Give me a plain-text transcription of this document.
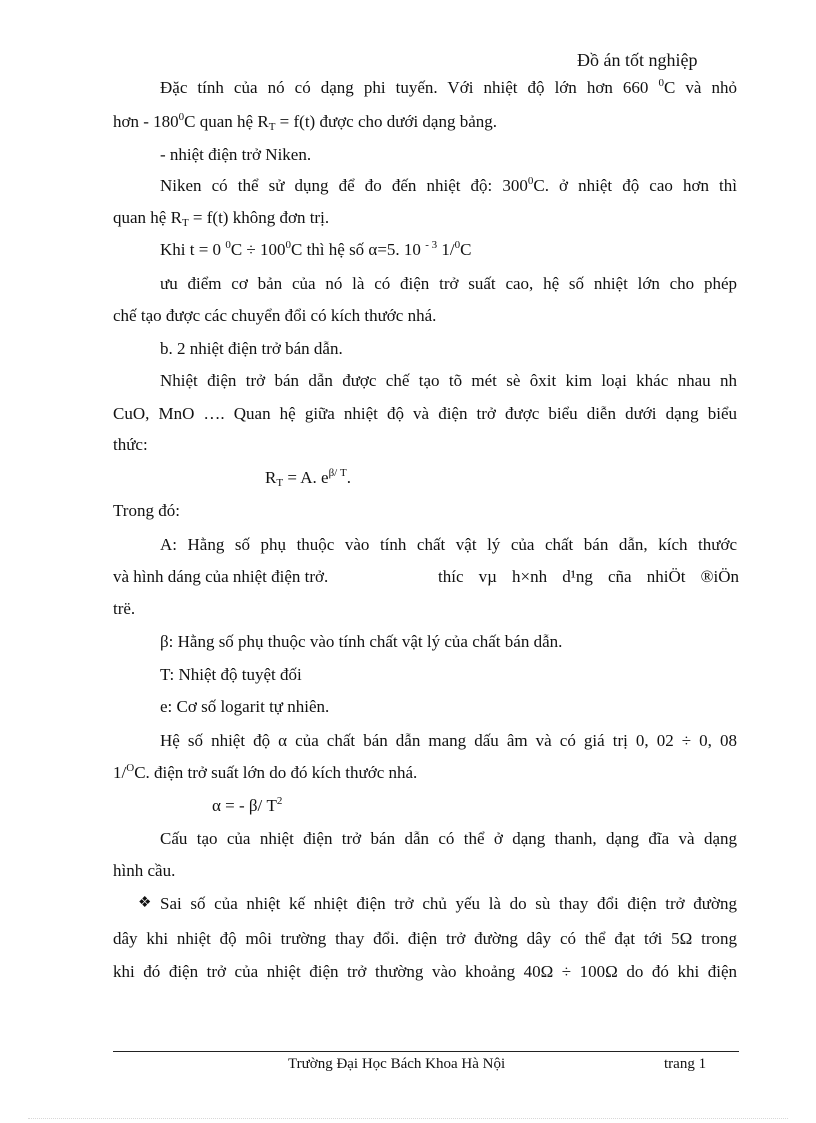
Đồ án tốt nghiệp
Đặc tính của nó có dạng phi tuyến. Với nhiệt độ lớn hơn 660 $^0$C và nhỏ
hơn - $180^0C$ quan hệ $R_T = f(t)$ được cho dưới dạng bảng.
- nhiệt điện trở Niken.
Niken có thể sử dụng để đo đến nhiệt độ: $300^0C$. ở nhiệt độ cao hơn thì
quan hệ $R_T = f(t)$ không đơn trị.
Khi t = 0 $^0C \div 100^0C$ thì hệ số α=5. 10 $^{- 3}$ 1/$^0$C
ưu điểm cơ bản của nó là có điện trở suất cao, hệ số nhiệt lớn cho phép
chế tạo được các chuyển đổi có kích thước nhá.
b. 2 nhiệt điện trở bán dẫn.
Nhiệt điện trở bán dẫn được chế tạo tõ mét sè ôxit kim loại khác nhau nh
CuO, MnO …. Quan hệ giữa nhiệt độ và điện trở được biểu diễn dưới dạng biểu
thức:
$R_T = A$. $e^{\beta/ T}$.
Trong đó:
A: Hằng số phụ thuộc vào tính chất vật lý của chất bán dẫn, kích thước
và hình dáng của nhiệt điện trở.	thíc vµ h×nh d¹ng cña nhiÖt ®iÖn
trë.
β: Hằng số phụ thuộc vào tính chất vật lý của chất bán dẫn.
T: Nhiệt độ tuyệt đối
e: Cơ số logarit tự nhiên.
Hệ số nhiệt độ α của chất bán dẫn mang dấu âm và có giá trị 0, 02 ÷ 0, 08
1/$^O$C. điện trở suất lớn do đó kích thước nhá.
α = - β/ $T^2$
Cấu tạo của nhiệt điện trở bán dẫn có thể ở dạng thanh, dạng đĩa và dạng
hình cầu.
❖ Sai số của nhiệt kế nhiệt điện trở chủ yếu là do sù thay đổi điện trở đường
dây khi nhiệt độ môi trường thay đổi. điện trở đường dây có thể đạt tới 5Ω trong
khi đó điện trở của nhiệt điện trở thường vào khoảng 40Ω ÷ 100Ω do đó khi điện
Trường Đại Học Bách Khoa Hà Nội	trang 1
